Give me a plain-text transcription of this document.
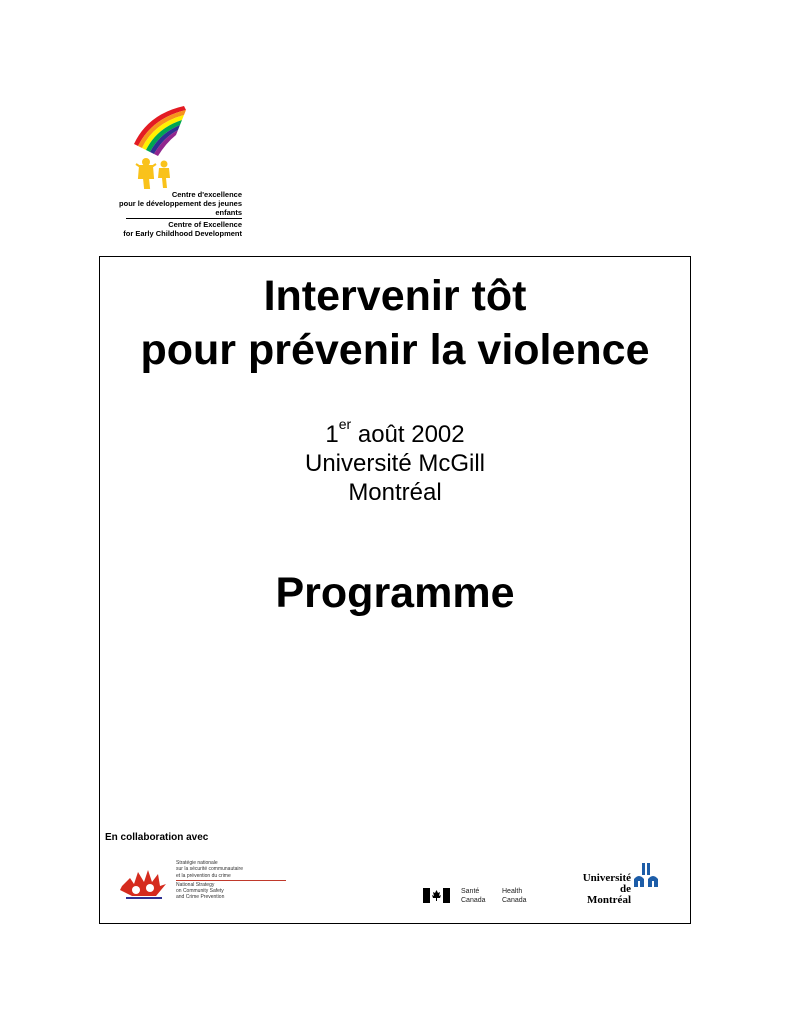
Centre d'excellence
pour le développement des jeunes enfants
Centre of Excellence
for Early Childhood Development
Intervenir tôt
pour prévenir la violence
1er août 2002
Université McGill
Montréal
Programme
En collaboration avec
Stratégie nationale
sur la sécurité communautaire
et la prévention du crime
National Strategy
on Community Safety
and Crime Prevention
Santé
Canada
Health
Canada
Université
de Montréal
